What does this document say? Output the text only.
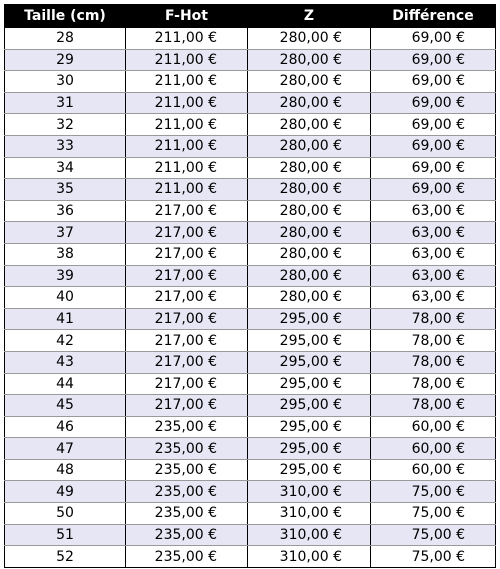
Taille (cm)	F-Hot	Z	Différence
28	211,00 €	280,00 €	69,00 €
29	211,00 €	280,00 €	69,00 €
30	211,00 €	280,00 €	69,00 €
31	211,00 €	280,00 €	69,00 €
32	211,00 €	280,00 €	69,00 €
33	211,00 €	280,00 €	69,00 €
34	211,00 €	280,00 €	69,00 €
35	211,00 €	280,00 €	69,00 €
36	217,00 €	280,00 €	63,00 €
37	217,00 €	280,00 €	63,00 €
38	217,00 €	280,00 €	63,00 €
39	217,00 €	280,00 €	63,00 €
40	217,00 €	280,00 €	63,00 €
41	217,00 €	295,00 €	78,00 €
42	217,00 €	295,00 €	78,00 €
43	217,00 €	295,00 €	78,00 €
44	217,00 €	295,00 €	78,00 €
45	217,00 €	295,00 €	78,00 €
46	235,00 €	295,00 €	60,00 €
47	235,00 €	295,00 €	60,00 €
48	235,00 €	295,00 €	60,00 €
49	235,00 €	310,00 €	75,00 €
50	235,00 €	310,00 €	75,00 €
51	235,00 €	310,00 €	75,00 €
52	235,00 €	310,00 €	75,00 €
